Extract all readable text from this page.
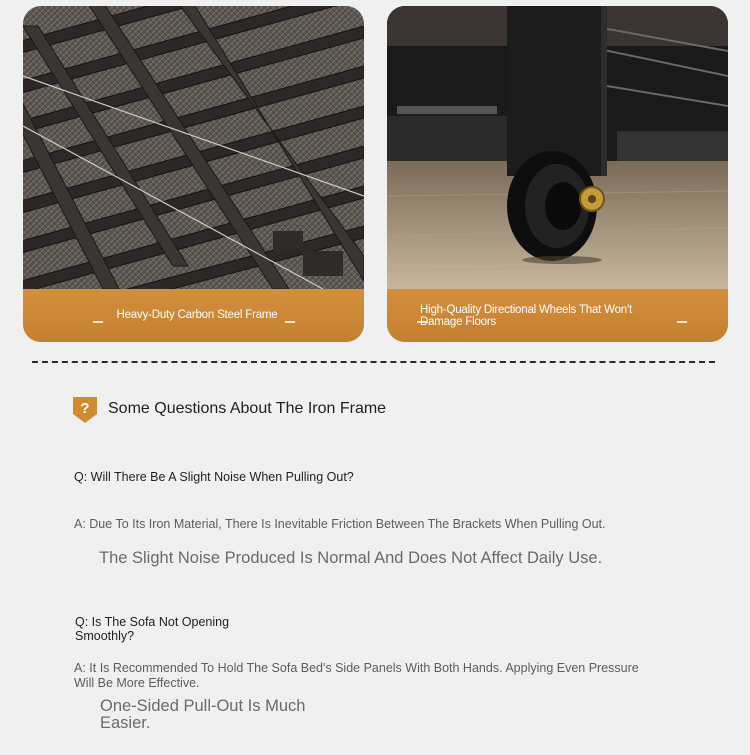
Heavy-Duty Carbon Steel Frame	High-Quality Directional Wheels That Won't Damage Floors
? Some Questions About The Iron Frame
Q: Will There Be A Slight Noise When Pulling Out?
A: Due To Its Iron Material, There Is Inevitable Friction Between The Brackets When Pulling Out.
The Slight Noise Produced Is Normal And Does Not Affect Daily Use.
Q: Is The Sofa Not Opening Smoothly?
A: It Is Recommended To Hold The Sofa Bed's Side Panels With Both Hands. Applying Even Pressure Will Be More Effective.
One-Sided Pull-Out Is Much Easier.
